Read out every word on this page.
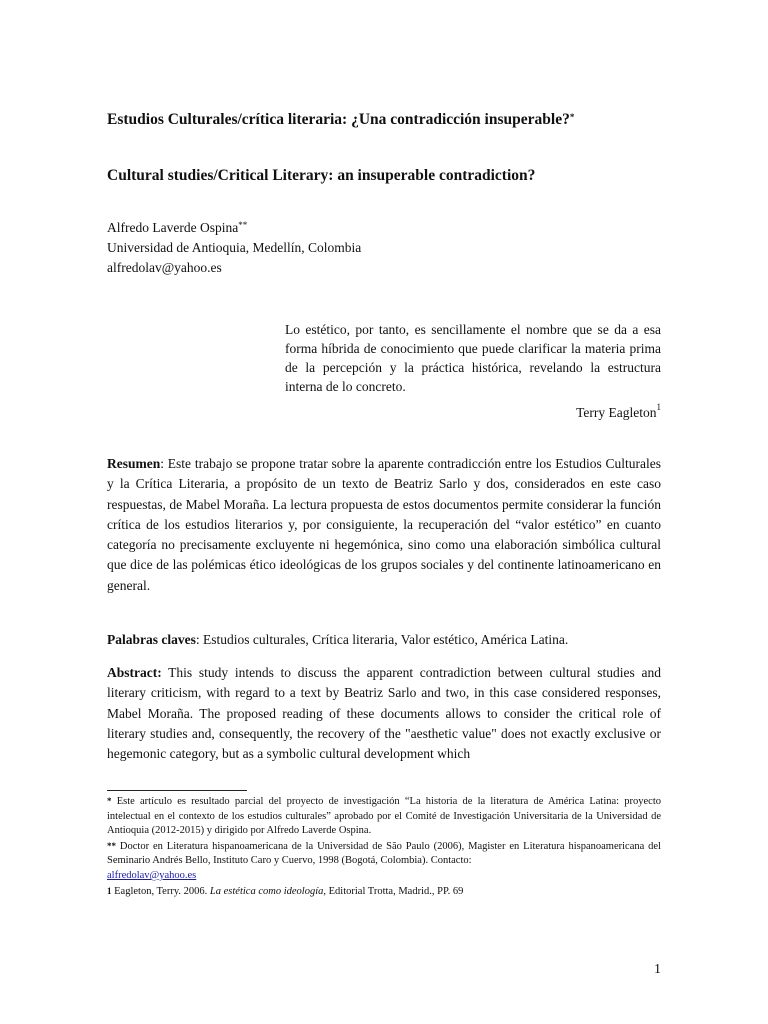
Estudios Culturales/crítica literaria: ¿Una contradicción insuperable?*
Cultural studies/Critical Literary: an insuperable contradiction?
Alfredo Laverde Ospina**
Universidad de Antioquia, Medellín, Colombia
alfredolav@yahoo.es
Lo estético, por tanto, es sencillamente el nombre que se da a esa forma híbrida de conocimiento que puede clarificar la materia prima de la percepción y la práctica histórica, revelando la estructura interna de lo concreto.
Terry Eagleton$^1$
Resumen: Este trabajo se propone tratar sobre la aparente contradicción entre los Estudios Culturales y la Crítica Literaria, a propósito de un texto de Beatriz Sarlo y dos, considerados en este caso respuestas, de Mabel Moraña. La lectura propuesta de estos documentos permite considerar la función crítica de los estudios literarios y, por consiguiente, la recuperación del “valor estético” en cuanto categoría no precisamente excluyente ni hegemónica, sino como una elaboración simbólica cultural que dice de las polémicas ético ideológicas de los grupos sociales y del continente latinoamericano en general.
Palabras claves: Estudios culturales, Crítica literaria, Valor estético, América Latina.
Abstract: This study intends to discuss the apparent contradiction between cultural studies and literary criticism, with regard to a text by Beatriz Sarlo and two, in this case considered responses, Mabel Moraña. The proposed reading of these documents allows to consider the critical role of literary studies and, consequently, the recovery of the "aesthetic value" does not exactly exclusive or hegemonic category, but as a symbolic cultural development which

* Este artículo es resultado parcial del proyecto de investigación “La historia de la literatura de América Latina: proyecto intelectual en el contexto de los estudios culturales” aprobado por el Comité de Investigación Universitaria de la Universidad de Antioquia (2012-2015) y dirigido por Alfredo Laverde Ospina.

** Doctor en Literatura hispanoamericana de la Universidad de São Paulo (2006), Magister en Literatura hispanoamericana del Seminario Andrés Bello, Instituto Caro y Cuervo, 1998 (Bogotá, Colombia). Contacto:
alfredolav@yahoo.es

1 Eagleton, Terry. 2006. La estética como ideología, Editorial Trotta, Madrid., PP. 69

1
